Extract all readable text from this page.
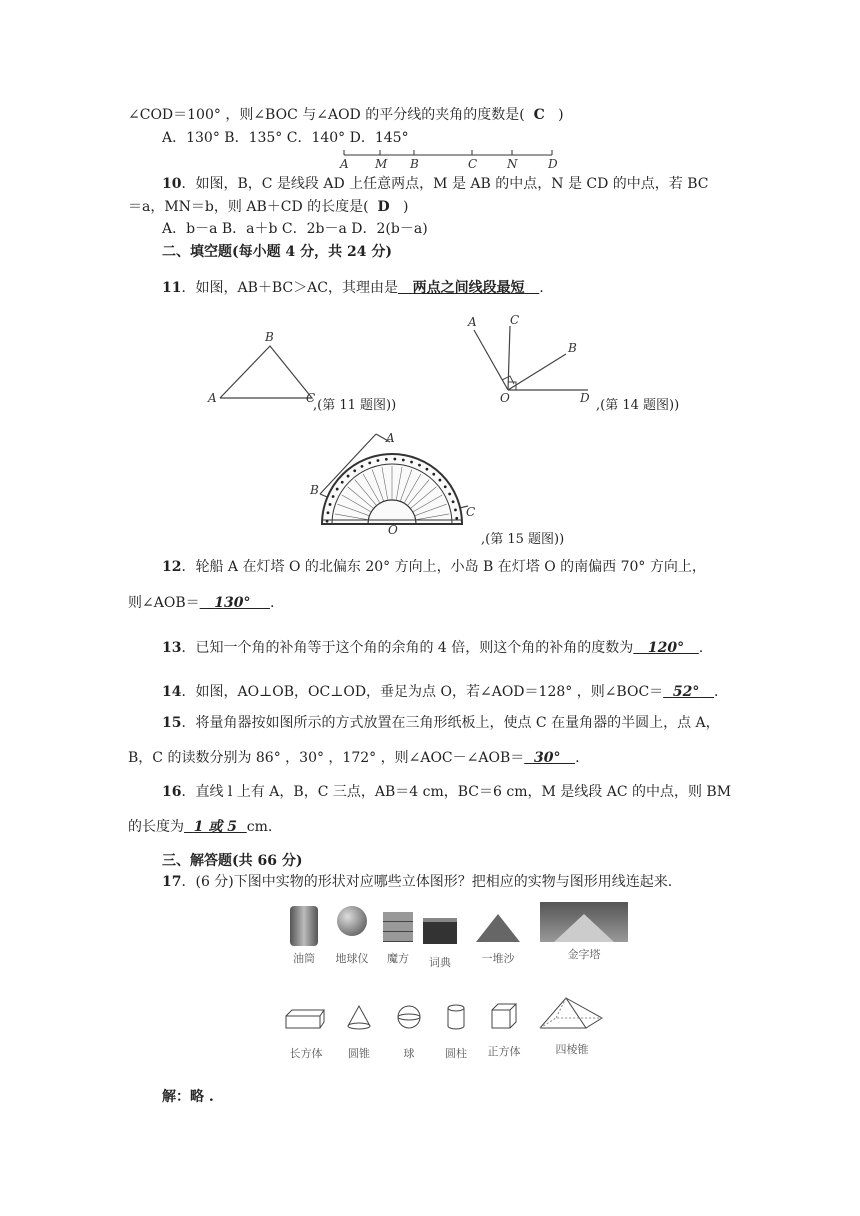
∠COD＝100° ，则∠BOC 与∠AOD 的平分线的夹角的度数是( C )
A．130° B．135° C．140° D．145°
A M B	C N	D
10．如图，B，C 是线段 AD 上任意两点，M 是 AB 的中点，N 是 CD 的中点，若 BC
＝a，MN＝b，则 AB＋CD 的长度是( D )
A．b－a B．a＋b C．2b－a D．2(b－a)
二、填空题(每小题 4 分，共 24 分)
11．如图，AB＋BC＞AC，其理由是 两点之间线段最短 .
A
B
C
,(第 11 题图))
A	C
B
O	D ,(第 14 题图))
A
B
C
O
,(第 15 题图))
12．轮船 A 在灯塔 O 的北偏东 20° 方向上，小岛 B 在灯塔 O 的南偏西 70° 方向上，
则∠AOB＝ 130° .
13．已知一个角的补角等于这个角的余角的 4 倍，则这个角的补角的度数为 120° .
14．如图，AO⊥OB，OC⊥OD，垂足为点 O，若∠AOD＝128° ，则∠BOC＝ 52° .
15．将量角器按如图所示的方式放置在三角形纸板上，使点 C 在量角器的半圆上，点 A，
B，C 的读数分别为 86° ，30° ，172° ，则∠AOC－∠AOB＝ 30° .
16．直线 l 上有 A，B，C 三点，AB＝4 cm，BC＝6 cm，M 是线段 AC 的中点，则 BM
的长度为 1 或 5 cm.
三、解答题(共 66 分)
17．(6 分)下图中实物的形状对应哪些立体图形？把相应的实物与图形用线连起来.
油筒	地球仪	魔方	词典	一堆沙	金字塔
长方体	圆锥	球	圆柱	正方体	四棱锥
解：略 .
